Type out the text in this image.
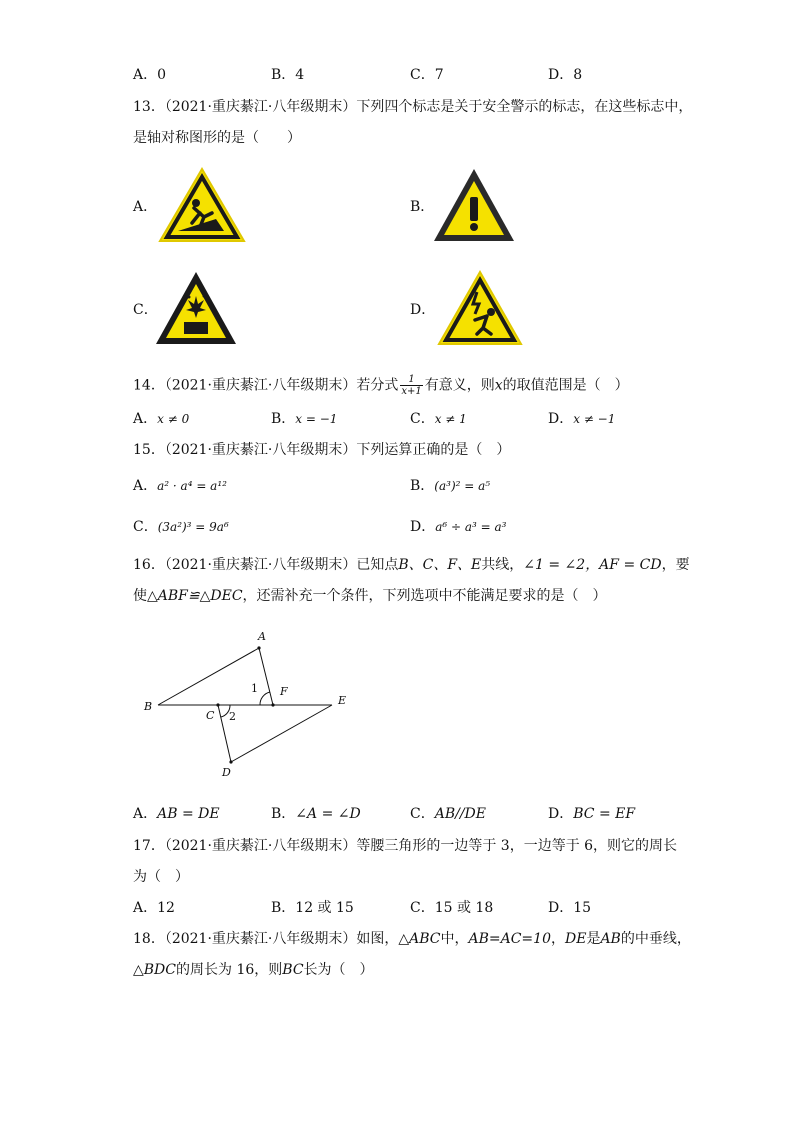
A．0	B．4	C．7	D．8
13．（2021·重庆綦江·八年级期末）下列四个标志是关于安全警示的标志，在这些标志中，
是轴对称图形的是（　　）
A．	B．
C．	D．
14．（2021·重庆綦江·八年级期末）若分式 $\frac{1}{x+1}$ 有意义，则x的取值范围是（　）
A．x ≠ 0	B．x = −1	C．x ≠ 1	D．x ≠ −1
15．（2021·重庆綦江·八年级期末）下列运算正确的是（　）
A．a² · a⁴ = a¹²	B．(a³)² = a⁵
C．(3a²)³ = 9a⁶	D．a⁶ ÷ a³ = a³
16．（2021·重庆綦江·八年级期末）已知点B、C、F、E共线，∠1 = ∠2，AF = CD，要
使△ABF≌△DEC，还需补充一个条件，下列选项中不能满足要求的是（　）
A
B
C
D
E
F
1
2
A．AB = DE	B．∠A = ∠D	C．AB//DE	D．BC = EF
17．（2021·重庆綦江·八年级期末）等腰三角形的一边等于 3，一边等于 6，则它的周长
为（　）
A．12	B．12 或 15	C．15 或 18	D．15
18．（2021·重庆綦江·八年级期末）如图，△ABC中，AB=AC=10，DE是AB的中垂线，
△BDC的周长为 16，则BC长为（　）
